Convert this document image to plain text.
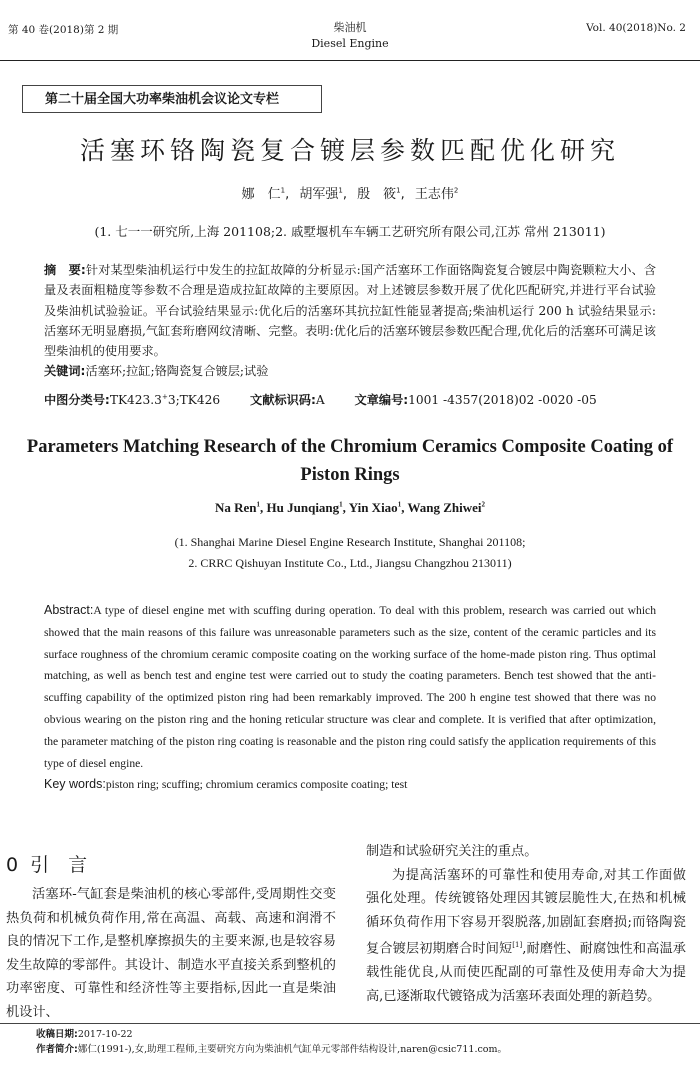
第 40 卷(2018)第 2 期	柴油机
Diesel Engine
Vol. 40(2018)No. 2
第二十届全国大功率柴油机会议论文专栏
活塞环铬陶瓷复合镀层参数匹配优化研究
娜　仁$^1$, 胡军强$^1$, 殷　筱$^1$, 王志伟$^2$
(1. 七一一研究所,上海 201108;2. 戚墅堰机车车辆工艺研究所有限公司,江苏 常州 213011)
摘　要:针对某型柴油机运行中发生的拉缸故障的分析显示:国产活塞环工作面铬陶瓷复合镀层中陶瓷颗粒大小、含量及表面粗糙度等参数不合理是造成拉缸故障的主要原因。对上述镀层参数开展了优化匹配研究,并进行平台试验及柴油机试验验证。平台试验结果显示:优化后的活塞环其抗拉缸性能显著提高;柴油机运行 200 h 试验结果显示:活塞环无明显磨损,气缸套珩磨网纹清晰、完整。表明:优化后的活塞环镀层参数匹配合理,优化后的活塞环可满足该型柴油机的使用要求。
关键词:活塞环;拉缸;铬陶瓷复合镀层;试验
中图分类号:TK423.3+3;TK426 文献标识码:A 文章编号:1001 -4357(2018)02 -0020 -05
Parameters Matching Research of the Chromium Ceramics Composite Coating of Piston Rings
Na Ren$^1$, Hu Junqiang$^1$, Yin Xiao$^1$, Wang Zhiwei$^2$
(1. Shanghai Marine Diesel Engine Research Institute, Shanghai 201108;
2. CRRC Qishuyan Institute Co., Ltd., Jiangsu Changzhou 213011)
Abstract:A type of diesel engine met with scuffing during operation. To deal with this problem, research was carried out which showed that the main reasons of this failure was unreasonable parameters such as the size, content of the ceramic particles and its surface roughness of the chromium ceramic composite coating on the working surface of the home-made piston ring. Thus optimal matching, as well as bench test and engine test were carried out to study the coating parameters. Bench test showed that the anti-scuffing capability of the optimized piston ring had been remarkably improved. The 200 h engine test showed that there was no obvious wearing on the piston ring and the honing reticular structure was clear and complete. It is verified that after optimization, the parameter matching of the piston ring coating is reasonable and the piston ring could satisfy the application requirements of this type of diesel engine.
Key words:piston ring; scuffing; chromium ceramics composite coating; test
0 引　言
活塞环-气缸套是柴油机的核心零部件,受周期性交变热负荷和机械负荷作用,常在高温、高载、高速和润滑不良的情况下工作,是整机摩擦损失的主要来源,也是较容易发生故障的零部件。其设计、制造水平直接关系到整机的功率密度、可靠性和经济性等主要指标,因此一直是柴油机设计、

制造和试验研究关注的重点。

为提高活塞环的可靠性和使用寿命,对其工作面做强化处理。传统镀铬处理因其镀层脆性大,在热和机械循环负荷作用下容易开裂脱落,加剧缸套磨损;而铬陶瓷复合镀层初期磨合时间短[1],耐磨性、耐腐蚀性和高温承载性能优良,从而使匹配副的可靠性及使用寿命大为提高,已逐渐取代镀铬成为活塞环表面处理的新趋势。

收稿日期:2017-10-22
作者简介:娜仁(1991-),女,助理工程师,主要研究方向为柴油机气缸单元零部件结构设计,naren@csic711.com。
